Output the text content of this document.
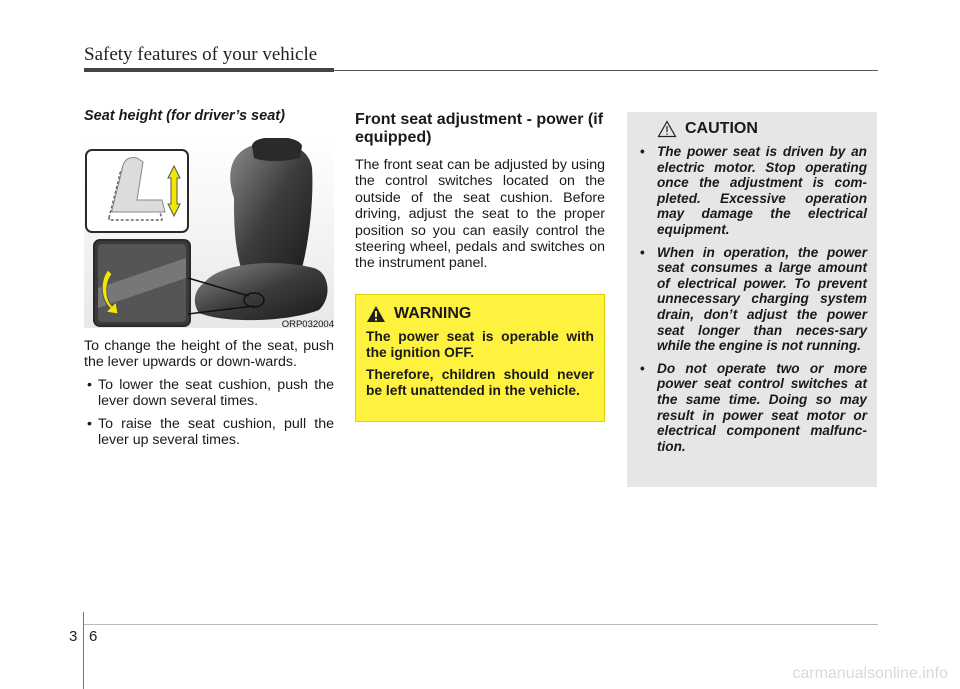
Safety features of your vehicle
Seat height (for driver’s seat)
ORP032004

To change the height of the seat, push the lever upwards or down-wards.

• To lower the seat cushion, push the lever down several times.
• To raise the seat cushion, pull the lever up several times.
Front seat adjustment - power (if equipped)

The front seat can be adjusted by using the control switches located on the outside of the seat cushion. Before driving, adjust the seat to the proper position so you can easily control the steering wheel, pedals and switches on the instrument panel.

WARNING

The power seat is operable with the ignition OFF.

Therefore, children should never be left unattended in the vehicle.

CAUTION
• The power seat is driven by an electric motor. Stop operating once the adjustment is com-pleted. Excessive operation may damage the electrical equipment.
• When in operation, the power seat consumes a large amount of electrical power. To prevent unnecessary charging system drain, don’t adjust the power seat longer than neces-sary while the engine is not running.
• Do not operate two or more power seat control switches at the same time. Doing so may result in power seat motor or electrical component malfunc-tion.
3 6
carmanualsonline.info
